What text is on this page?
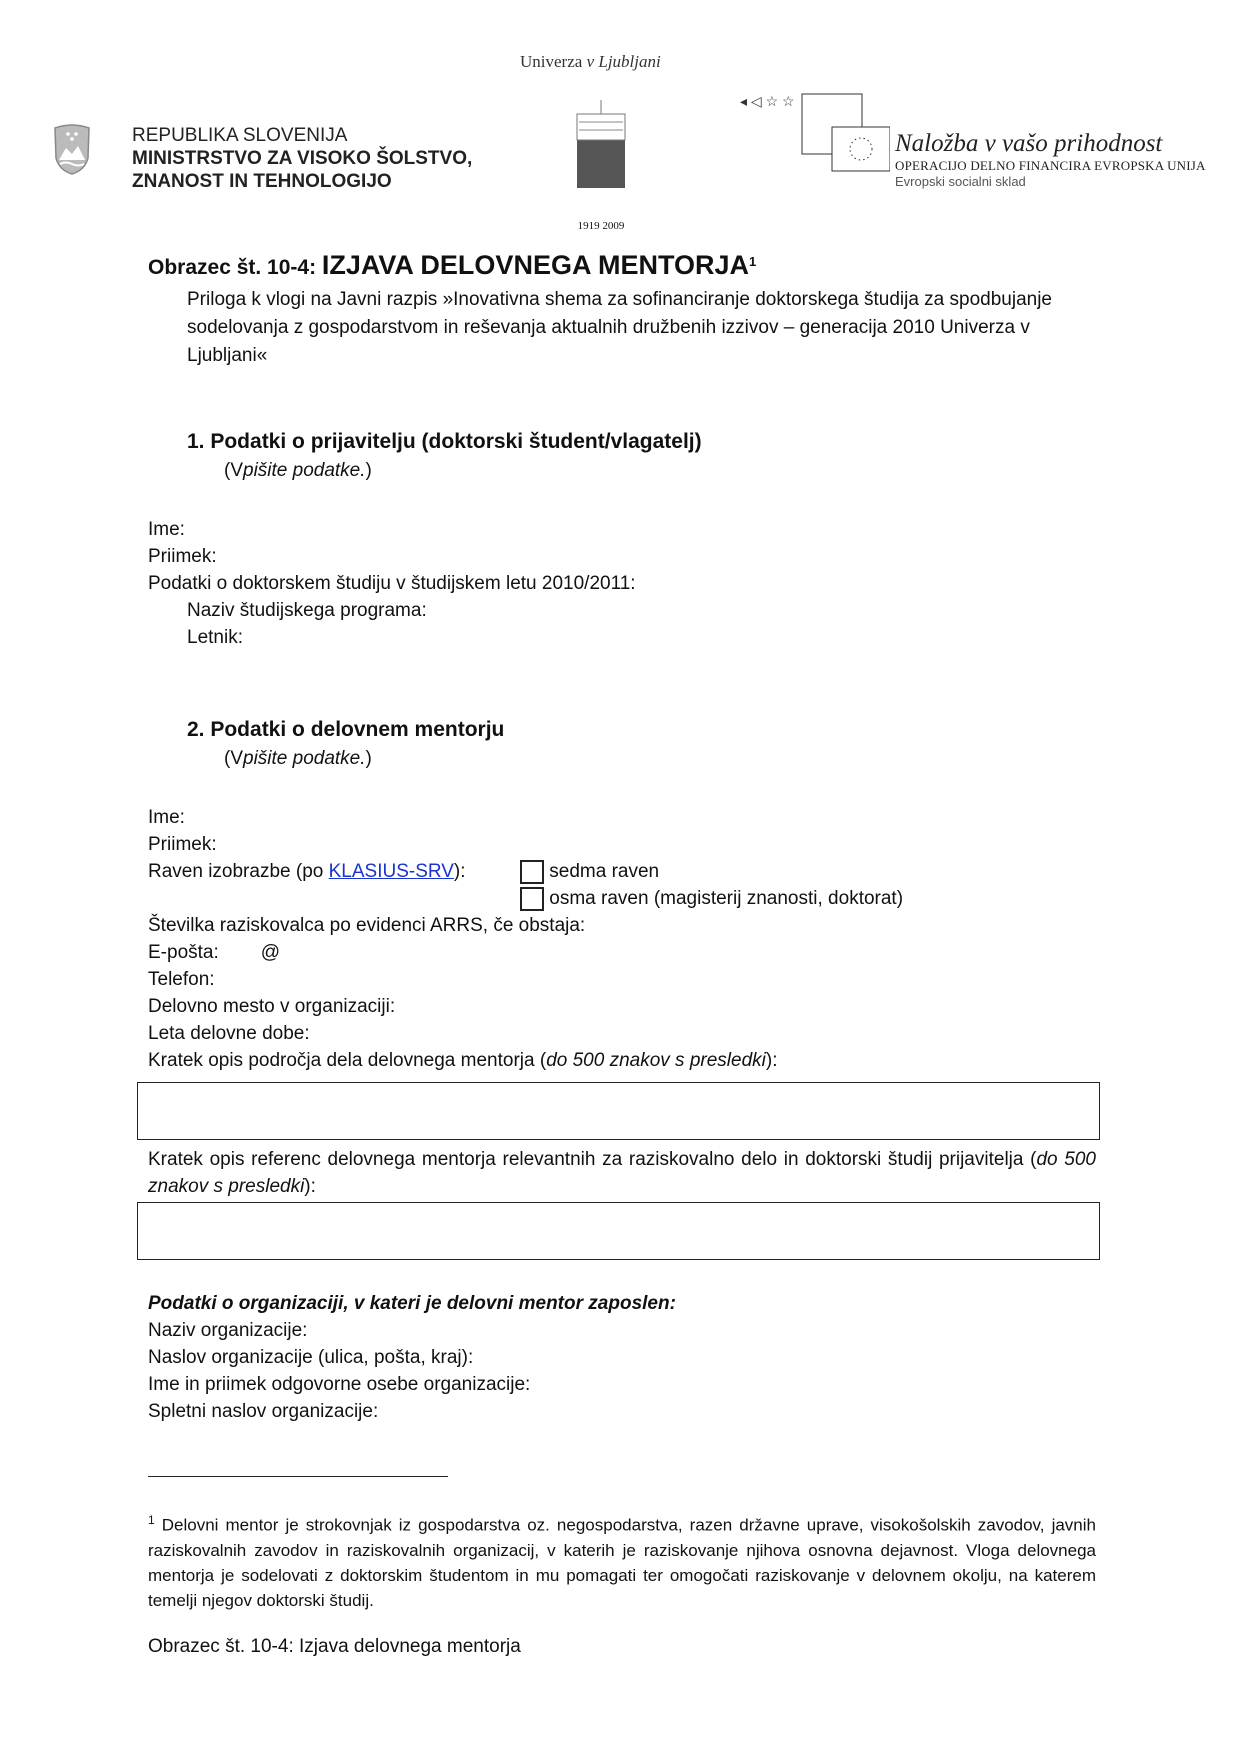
Univerza v Ljubljani
REPUBLIKA SLOVENIJA
MINISTRSTVO ZA VISOKO ŠOLSTVO,
ZNANOST IN TEHNOLOGIJO
1919 2009
◂ ◁ ☆ ☆
Naložba v vašo prihodnost
OPERACIJO DELNO FINANCIRA EVROPSKA UNIJA
Evropski socialni sklad
Obrazec št. 10-4: IZJAVA DELOVNEGA MENTORJA$^1$
Priloga k vlogi na Javni razpis »Inovativna shema za sofinanciranje doktorskega študija za spodbujanje sodelovanja z gospodarstvom in reševanja aktualnih družbenih izzivov – generacija 2010 Univerza v Ljubljani«
1. Podatki o prijavitelju (doktorski študent/vlagatelj)
(Vpišite podatke.)
Ime:
Priimek:
Podatki o doktorskem študiju v študijskem letu 2010/2011:
Naziv študijskega programa:
Letnik:
2. Podatki o delovnem mentorju
(Vpišite podatke.)
Ime:
Priimek:
Raven izobrazbe (po KLASIUS-SRV):	sedma raven
osma raven (magisterij znanosti, doktorat)
Številka raziskovalca po evidenci ARRS, če obstaja:
E-pošta: @
Telefon:
Delovno mesto v organizaciji:
Leta delovne dobe:
Kratek opis področja dela delovnega mentorja (do 500 znakov s presledki):
Kratek opis referenc delovnega mentorja relevantnih za raziskovalno delo in doktorski študij prijavitelja (do 500 znakov s presledki):
Podatki o organizaciji, v kateri je delovni mentor zaposlen:
Naziv organizacije:
Naslov organizacije (ulica, pošta, kraj):
Ime in priimek odgovorne osebe organizacije:
Spletni naslov organizacije:
$^1$ Delovni mentor je strokovnjak iz gospodarstva oz. negospodarstva, razen državne uprave, visokošolskih zavodov, javnih raziskovalnih zavodov in raziskovalnih organizacij, v katerih je raziskovanje njihova osnovna dejavnost. Vloga delovnega mentorja je sodelovati z doktorskim študentom in mu pomagati ter omogočati raziskovanje v delovnem okolju, na katerem temelji njegov doktorski študij.
Obrazec št. 10-4: Izjava delovnega mentorja
